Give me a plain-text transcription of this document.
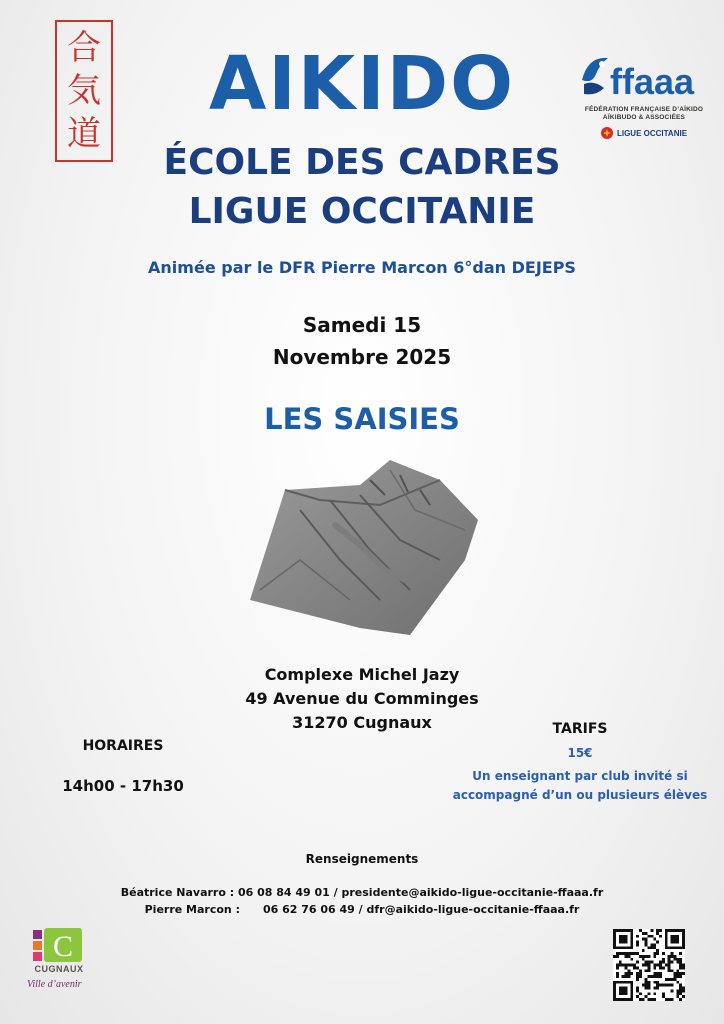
合
気
道
ffaaa
FÉDÉRATION FRANÇAISE D’AÏKIDO
AÏKIBUDO & ASSOCIÉES
LIGUE OCCITANIE
AIKIDO
ÉCOLE DES CADRES
LIGUE OCCITANIE
Animée par le DFR Pierre Marcon 6°dan DEJEPS
Samedi 15
Novembre 2025
LES SAISIES
Complexe Michel Jazy
49 Avenue du Comminges
31270 Cugnaux
HORAIRES
14h00 - 17h30
TARIFS
15€
Un enseignant par club invité si
accompagné d’un ou plusieurs élèves
Renseignements
Béatrice Navarro : 06 08 84 49 01 / presidente@aikido-ligue-occitanie-ffaaa.fr
Pierre Marcon :      06 62 76 06 49 / dfr@aikido-ligue-occitanie-ffaaa.fr
C
CUGNAUX
Ville d’avenir
